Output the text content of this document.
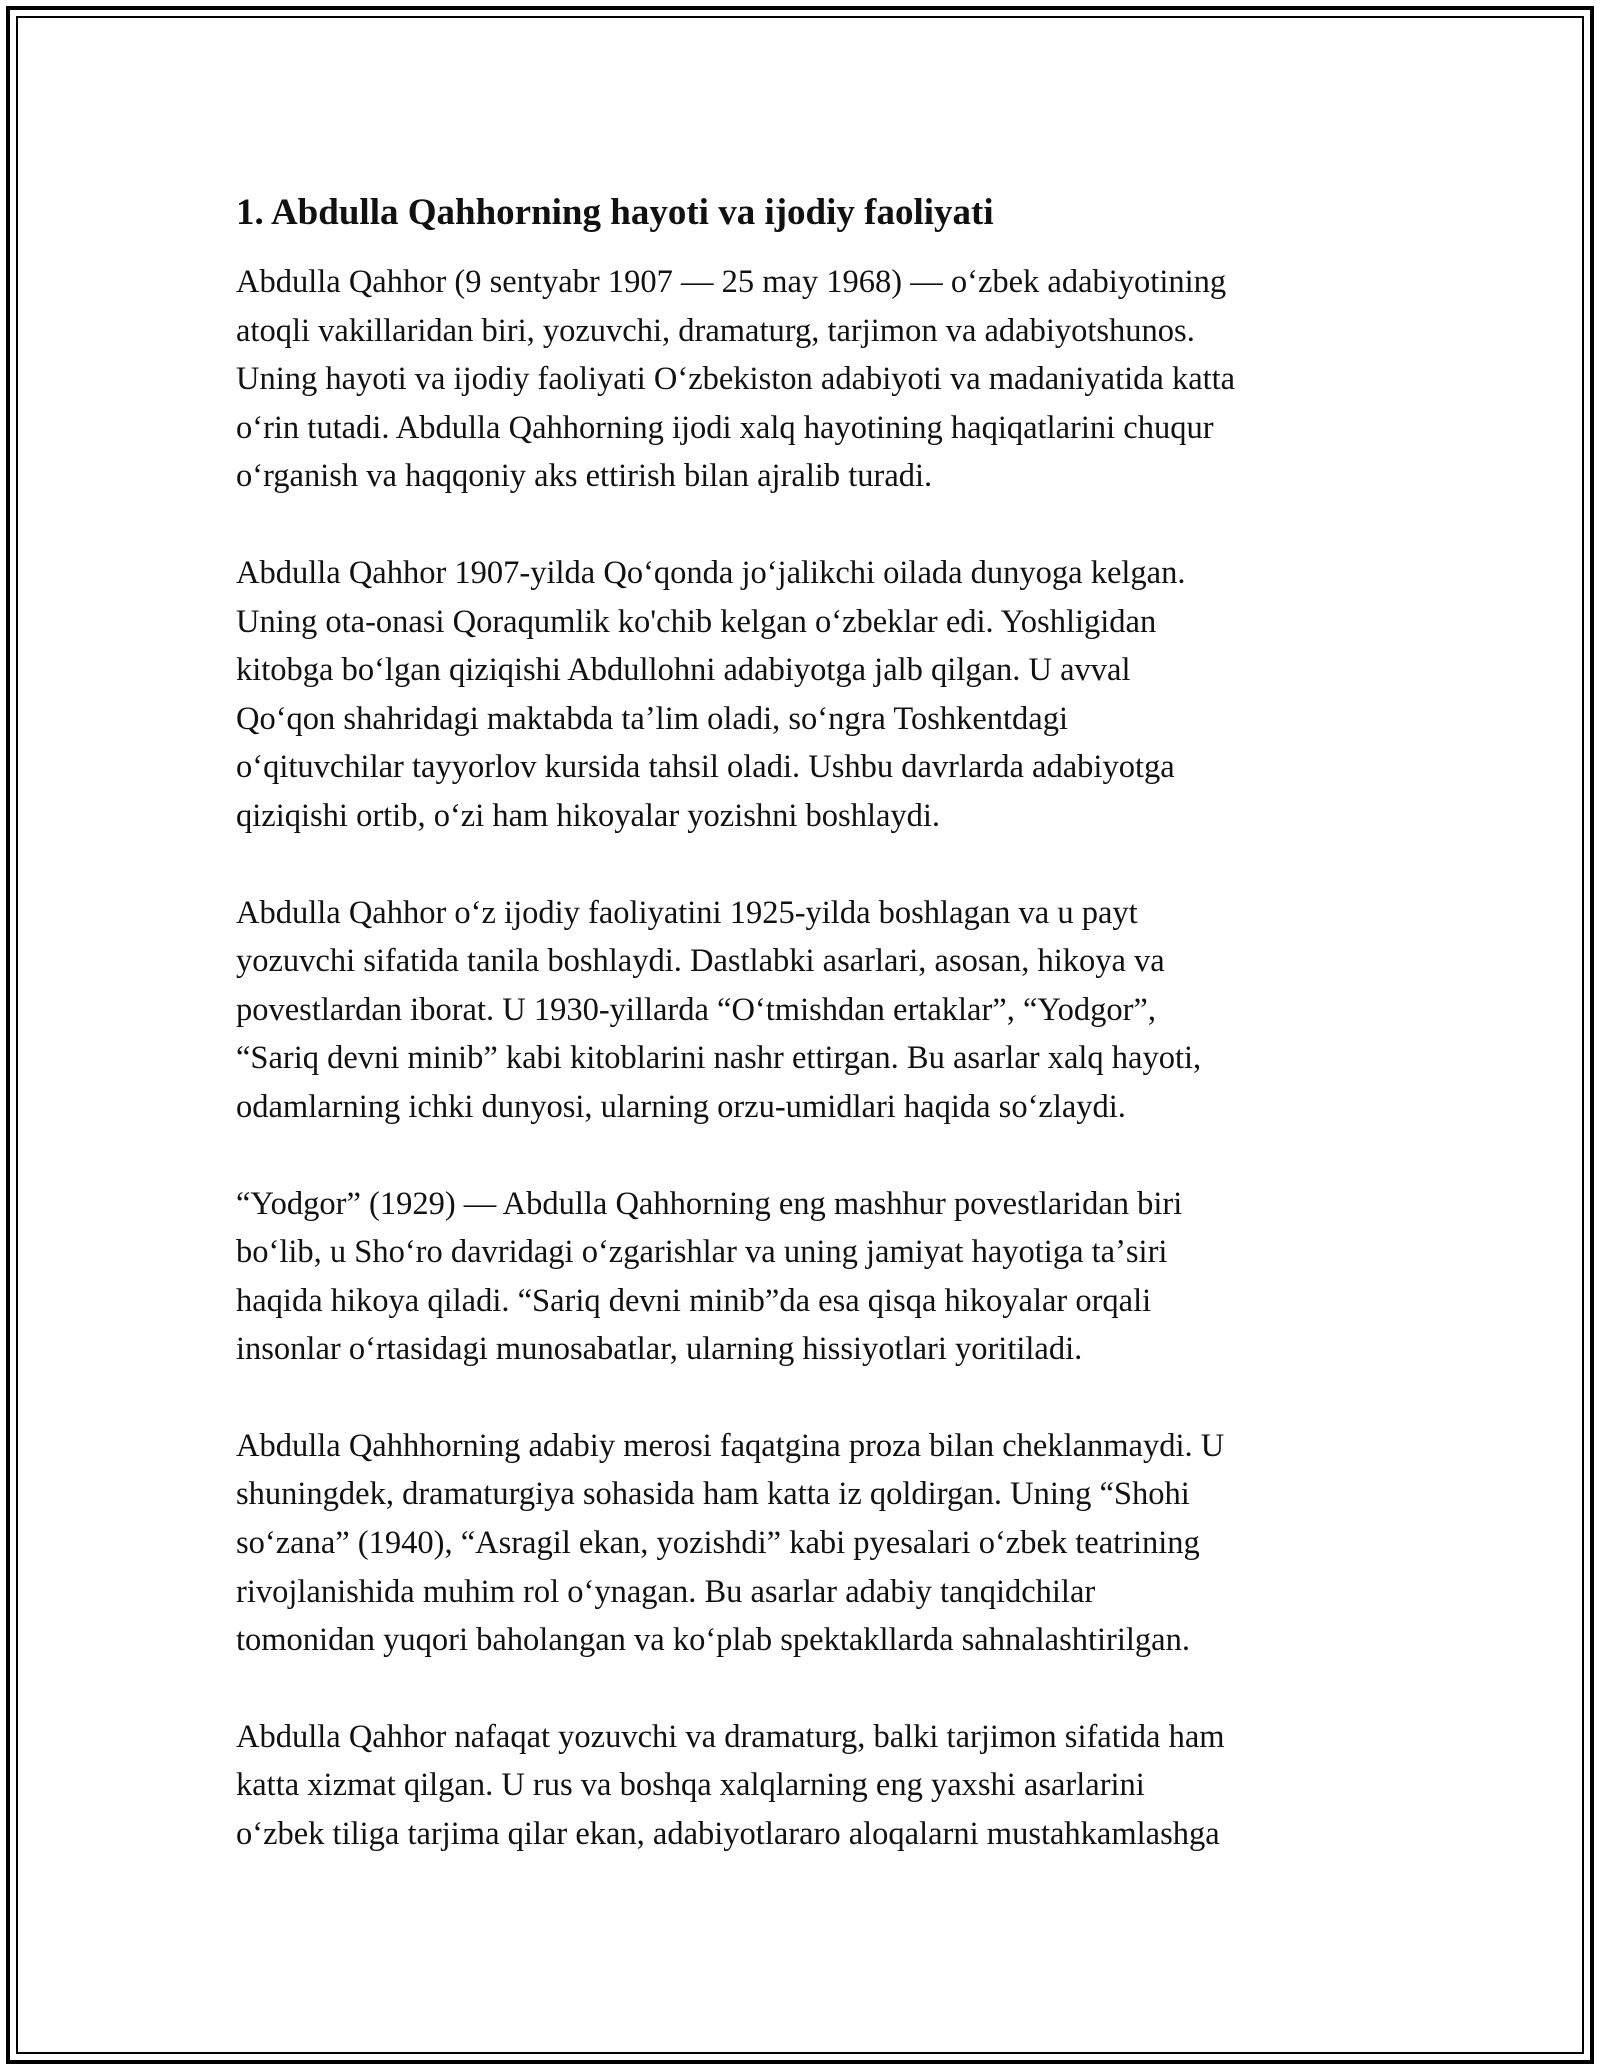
1. Abdulla Qahhorning hayoti va ijodiy faoliyati

Abdulla Qahhor (9 sentyabr 1907 — 25 may 1968) — oʻzbek adabiyotining
atoqli vakillaridan biri, yozuvchi, dramaturg, tarjimon va adabiyotshunos.
Uning hayoti va ijodiy faoliyati Oʻzbekiston adabiyoti va madaniyatida katta
oʻrin tutadi. Abdulla Qahhorning ijodi xalq hayotining haqiqatlarini chuqur
oʻrganish va haqqoniy aks ettirish bilan ajralib turadi.

Abdulla Qahhor 1907-yilda Qoʻqonda joʻjalikchi oilada dunyoga kelgan.
Uning ota-onasi Qoraqumlik ko'chib kelgan oʻzbeklar edi. Yoshligidan
kitobga boʻlgan qiziqishi Abdullohni adabiyotga jalb qilgan. U avval
Qoʻqon shahridagi maktabda taʼlim oladi, soʻngra Toshkentdagi
oʻqituvchilar tayyorlov kursida tahsil oladi. Ushbu davrlarda adabiyotga
qiziqishi ortib, oʻzi ham hikoyalar yozishni boshlaydi.

Abdulla Qahhor oʻz ijodiy faoliyatini 1925-yilda boshlagan va u payt
yozuvchi sifatida tanila boshlaydi. Dastlabki asarlari, asosan, hikoya va
povestlardan iborat. U 1930-yillarda “Oʻtmishdan ertaklar”, “Yodgor”,
“Sariq devni minib” kabi kitoblarini nashr ettirgan. Bu asarlar xalq hayoti,
odamlarning ichki dunyosi, ularning orzu-umidlari haqida soʻzlaydi.

“Yodgor” (1929) — Abdulla Qahhorning eng mashhur povestlaridan biri
boʻlib, u Shoʻro davridagi oʻzgarishlar va uning jamiyat hayotiga taʼsiri
haqida hikoya qiladi. “Sariq devni minib”da esa qisqa hikoyalar orqali
insonlar oʻrtasidagi munosabatlar, ularning hissiyotlari yoritiladi.

Abdulla Qahhhorning adabiy merosi faqatgina proza bilan cheklanmaydi. U
shuningdek, dramaturgiya sohasida ham katta iz qoldirgan. Uning “Shohi
soʻzana” (1940), “Asragil ekan, yozishdi” kabi pyesalari oʻzbek teatrining
rivojlanishida muhim rol oʻynagan. Bu asarlar adabiy tanqidchilar
tomonidan yuqori baholangan va koʻplab spektakllarda sahnalashtirilgan.

Abdulla Qahhor nafaqat yozuvchi va dramaturg, balki tarjimon sifatida ham
katta xizmat qilgan. U rus va boshqa xalqlarning eng yaxshi asarlarini
oʻzbek tiliga tarjima qilar ekan, adabiyotlararo aloqalarni mustahkamlashga
